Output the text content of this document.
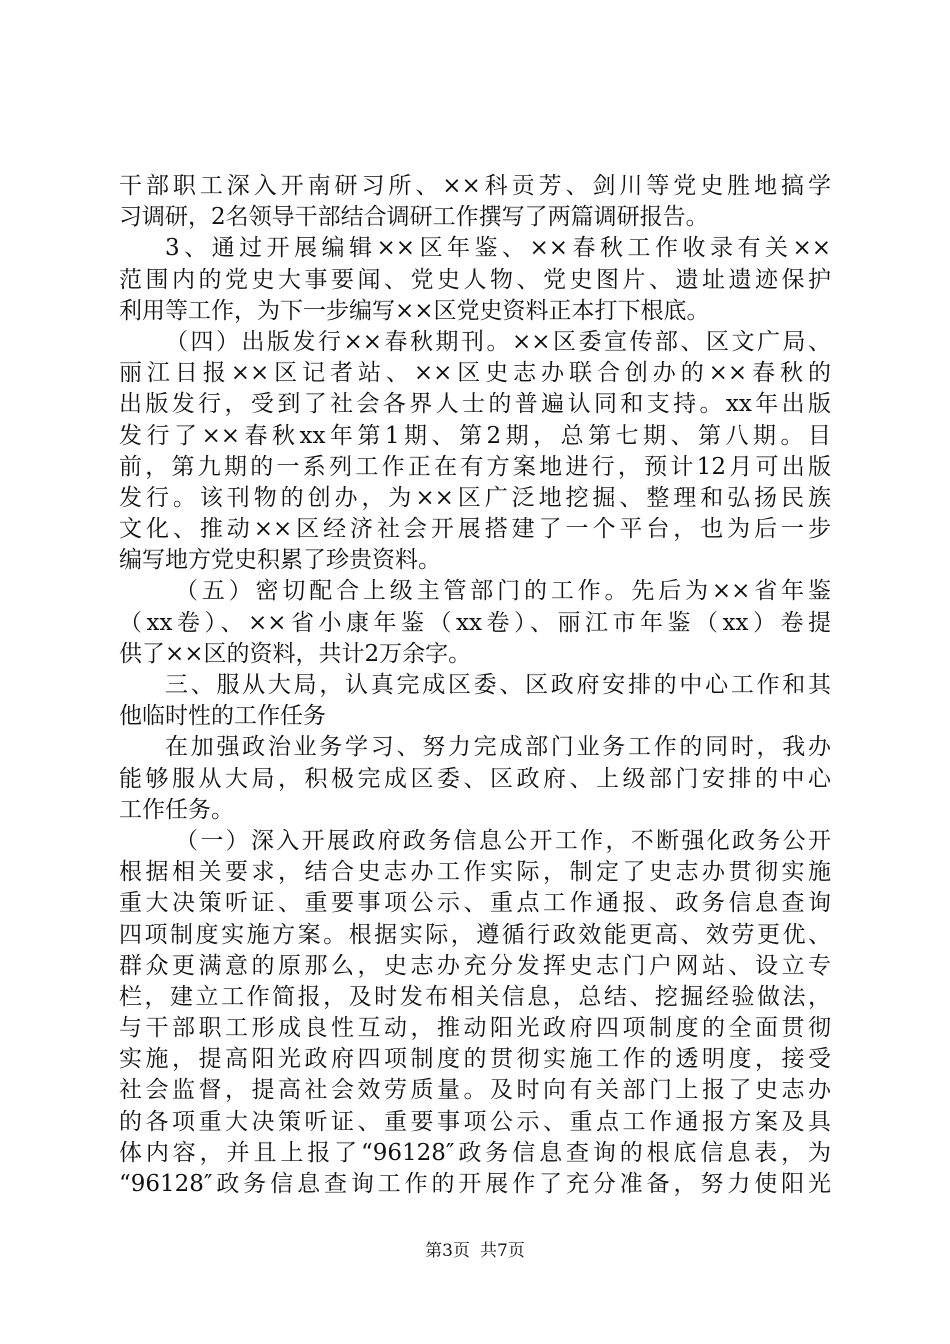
干部职工深入开南研习所、××科贡芳、剑川等党史胜地搞学
习调研，2名领导干部结合调研工作撰写了两篇调研报告。
3、通过开展编辑××区年鉴、××春秋工作收录有关××
范围内的党史大事要闻、党史人物、党史图片、遗址遗迹保护
利用等工作，为下一步编写××区党史资料正本打下根底。
（四）出版发行××春秋期刊。××区委宣传部、区文广局、
丽江日报××区记者站、××区史志办联合创办的××春秋的
出版发行，受到了社会各界人士的普遍认同和支持。xx年出版
发行了××春秋xx年第1期、第2期，总第七期、第八期。目
前，第九期的一系列工作正在有方案地进行，预计12月可出版
发行。该刊物的创办，为××区广泛地挖掘、整理和弘扬民族
文化、推动××区经济社会开展搭建了一个平台，也为后一步
编写地方党史积累了珍贵资料。
（五）密切配合上级主管部门的工作。先后为××省年鉴
（xx卷）、××省小康年鉴（xx卷）、丽江市年鉴（xx）卷提
供了××区的资料，共计2万余字。
三、服从大局，认真完成区委、区政府安排的中心工作和其
他临时性的工作任务
在加强政治业务学习、努力完成部门业务工作的同时，我办
能够服从大局，积极完成区委、区政府、上级部门安排的中心
工作任务。
（一）深入开展政府政务信息公开工作，不断强化政务公开
根据相关要求，结合史志办工作实际，制定了史志办贯彻实施
重大决策听证、重要事项公示、重点工作通报、政务信息查询
四项制度实施方案。根据实际，遵循行政效能更高、效劳更优、
群众更满意的原那么，史志办充分发挥史志门户网站、设立专
栏，建立工作简报，及时发布相关信息，总结、挖掘经验做法，
与干部职工形成良性互动，推动阳光政府四项制度的全面贯彻
实施，提高阳光政府四项制度的贯彻实施工作的透明度，接受
社会监督，提高社会效劳质量。及时向有关部门上报了史志办
的各项重大决策听证、重要事项公示、重点工作通报方案及具
体内容，并且上报了“96128″政务信息查询的根底信息表，为
“96128″政务信息查询工作的开展作了充分准备，努力使阳光
第3页 共7页
